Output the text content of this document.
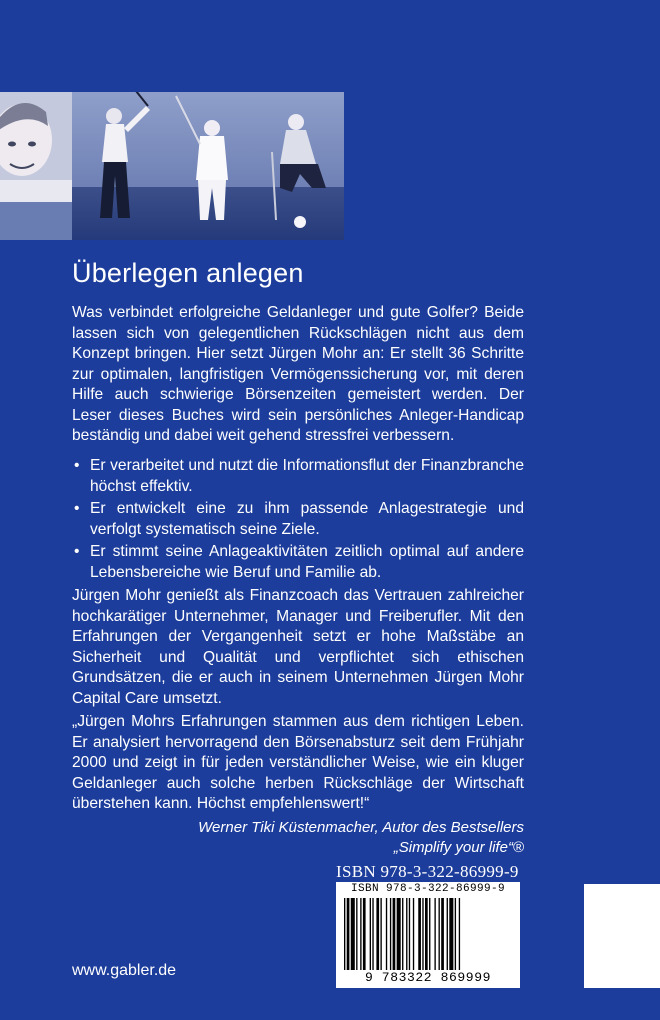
Überlegen anlegen

Was verbindet erfolgreiche Geldanleger und gute Golfer? Beide lassen sich von gelegentlichen Rückschlägen nicht aus dem Konzept bringen. Hier setzt Jürgen Mohr an: Er stellt 36 Schritte zur optimalen, langfristigen Vermögenssicherung vor, mit deren Hilfe auch schwierige Börsenzeiten gemeistert werden. Der Leser dieses Buches wird sein persönliches Anleger-Handicap beständig und dabei weit gehend stressfrei verbessern.

• Er verarbeitet und nutzt die Informationsflut der Finanzbranche höchst effektiv.
• Er entwickelt eine zu ihm passende Anlagestrategie und verfolgt systematisch seine Ziele.
• Er stimmt seine Anlageaktivitäten zeitlich optimal auf andere Lebensbereiche wie Beruf und Familie ab.

Jürgen Mohr genießt als Finanzcoach das Vertrauen zahlreicher hochkarätiger Unternehmer, Manager und Freiberufler. Mit den Erfahrungen der Vergangenheit setzt er hohe Maßstäbe an Sicherheit und Qualität und verpflichtet sich ethischen Grundsätzen, die er auch in seinem Unternehmen Jürgen Mohr Capital Care umsetzt.

„Jürgen Mohrs Erfahrungen stammen aus dem richtigen Leben. Er analysiert hervorragend den Börsenabsturz seit dem Frühjahr 2000 und zeigt in für jeden verständlicher Weise, wie ein kluger Geldanleger auch solche herben Rückschläge der Wirtschaft überstehen kann. Höchst empfehlenswert!“

Werner Tiki Küstenmacher, Autor des Bestsellers
„Simplify your life“®
ISBN 978-3-322-86999-9
ISBN 978-3-322-86999-9
9 783322 869999
www.gabler.de
